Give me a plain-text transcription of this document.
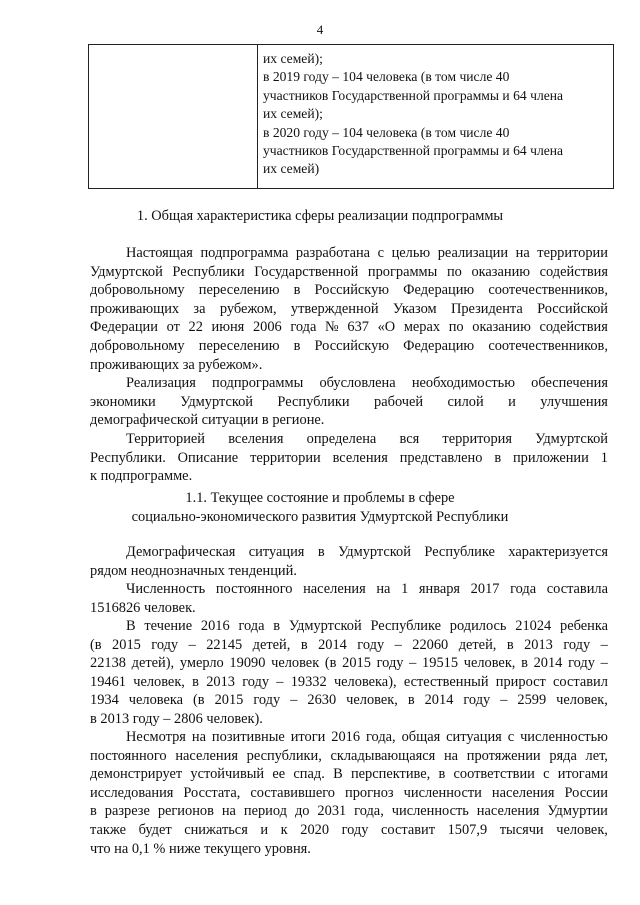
4
их семей);
в 2019 году – 104 человека (в том числе 40
участников Государственной программы и 64 члена
их семей);
в 2020 году – 104 человека (в том числе 40
участников Государственной программы и 64 члена
их семей)
1. Общая характеристика сферы реализации подпрограммы
Настоящая подпрограмма разработана с целью реализации на территории
Удмуртской Республики Государственной программы по оказанию содействия
добровольному переселению в Российскую Федерацию соотечественников,
проживающих за рубежом, утвержденной Указом Президента Российской
Федерации от 22 июня 2006 года № 637 «О мерах по оказанию содействия
добровольному переселению в Российскую Федерацию соотечественников,
проживающих за рубежом».
Реализация подпрограммы обусловлена необходимостью обеспечения
экономики Удмуртской Республики рабочей силой и улучшения
демографической ситуации в регионе.
Территорией вселения определена вся территория Удмуртской
Республики. Описание территории вселения представлено в приложении 1
к подпрограмме.
1.1. Текущее состояние и проблемы в сфере
социально-экономического развития Удмуртской Республики
Демографическая ситуация в Удмуртской Республике характеризуется
рядом неоднозначных тенденций.
Численность постоянного населения на 1 января 2017 года составила
1516826 человек.
В течение 2016 года в Удмуртской Республике родилось 21024 ребенка
(в 2015 году – 22145 детей, в 2014 году – 22060 детей, в 2013 году –
22138 детей), умерло 19090 человек (в 2015 году – 19515 человек, в 2014 году –
19461 человек, в 2013 году – 19332 человека), естественный прирост составил
1934 человека (в 2015 году – 2630 человек, в 2014 году – 2599 человек,
в 2013 году – 2806 человек).
Несмотря на позитивные итоги 2016 года, общая ситуация с численностью
постоянного населения республики, складывающаяся на протяжении ряда лет,
демонстрирует устойчивый ее спад. В перспективе, в соответствии с итогами
исследования Росстата, составившего прогноз численности населения России
в разрезе регионов на период до 2031 года, численность населения Удмуртии
также будет снижаться и к 2020 году составит 1507,9 тысячи человек,
что на 0,1 % ниже текущего уровня.
